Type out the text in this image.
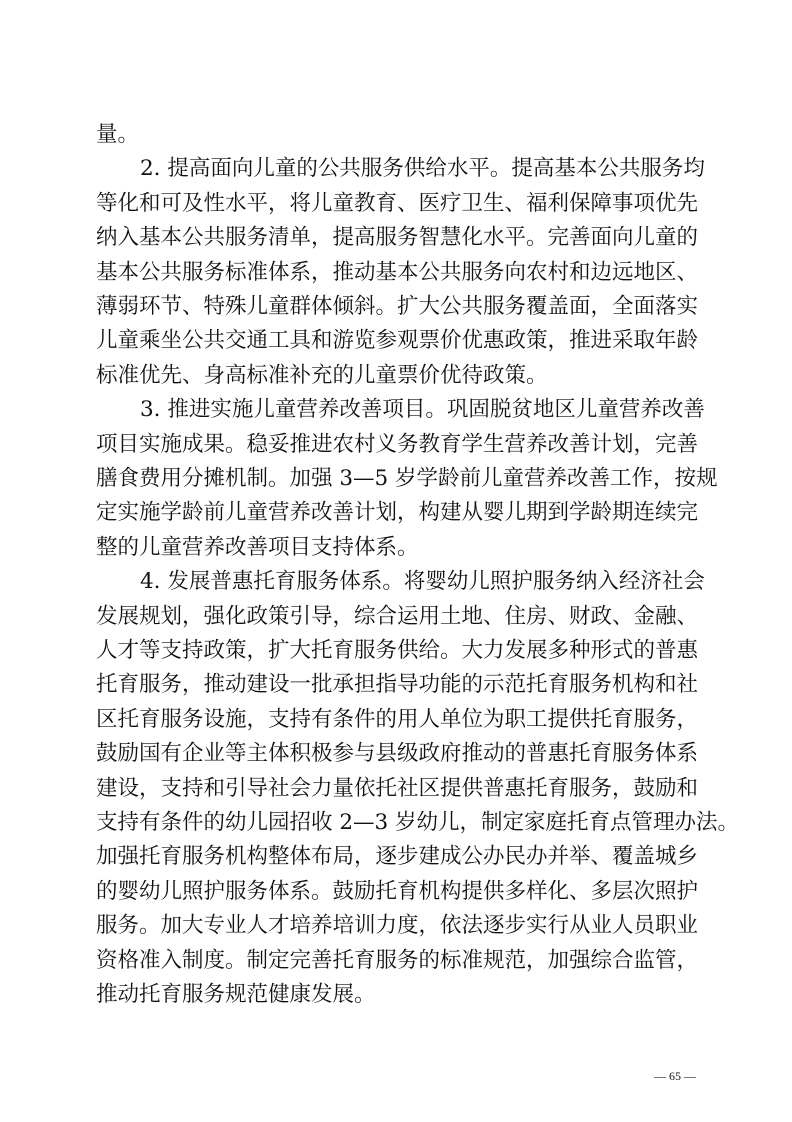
量。
2. 提高面向儿童的公共服务供给水平。提高基本公共服务均
等化和可及性水平，将儿童教育、医疗卫生、福利保障事项优先
纳入基本公共服务清单，提高服务智慧化水平。完善面向儿童的
基本公共服务标准体系，推动基本公共服务向农村和边远地区、
薄弱环节、特殊儿童群体倾斜。扩大公共服务覆盖面，全面落实
儿童乘坐公共交通工具和游览参观票价优惠政策，推进采取年龄
标准优先、身高标准补充的儿童票价优待政策。
3. 推进实施儿童营养改善项目。巩固脱贫地区儿童营养改善
项目实施成果。稳妥推进农村义务教育学生营养改善计划，完善
膳食费用分摊机制。加强 3—5 岁学龄前儿童营养改善工作，按规
定实施学龄前儿童营养改善计划，构建从婴儿期到学龄期连续完
整的儿童营养改善项目支持体系。
4. 发展普惠托育服务体系。将婴幼儿照护服务纳入经济社会
发展规划，强化政策引导，综合运用土地、住房、财政、金融、
人才等支持政策，扩大托育服务供给。大力发展多种形式的普惠
托育服务，推动建设一批承担指导功能的示范托育服务机构和社
区托育服务设施，支持有条件的用人单位为职工提供托育服务，
鼓励国有企业等主体积极参与县级政府推动的普惠托育服务体系
建设，支持和引导社会力量依托社区提供普惠托育服务，鼓励和
支持有条件的幼儿园招收 2—3 岁幼儿，制定家庭托育点管理办法。
加强托育服务机构整体布局，逐步建成公办民办并举、覆盖城乡
的婴幼儿照护服务体系。鼓励托育机构提供多样化、多层次照护
服务。加大专业人才培养培训力度，依法逐步实行从业人员职业
资格准入制度。制定完善托育服务的标准规范，加强综合监管，
推动托育服务规范健康发展。
— 65 —
